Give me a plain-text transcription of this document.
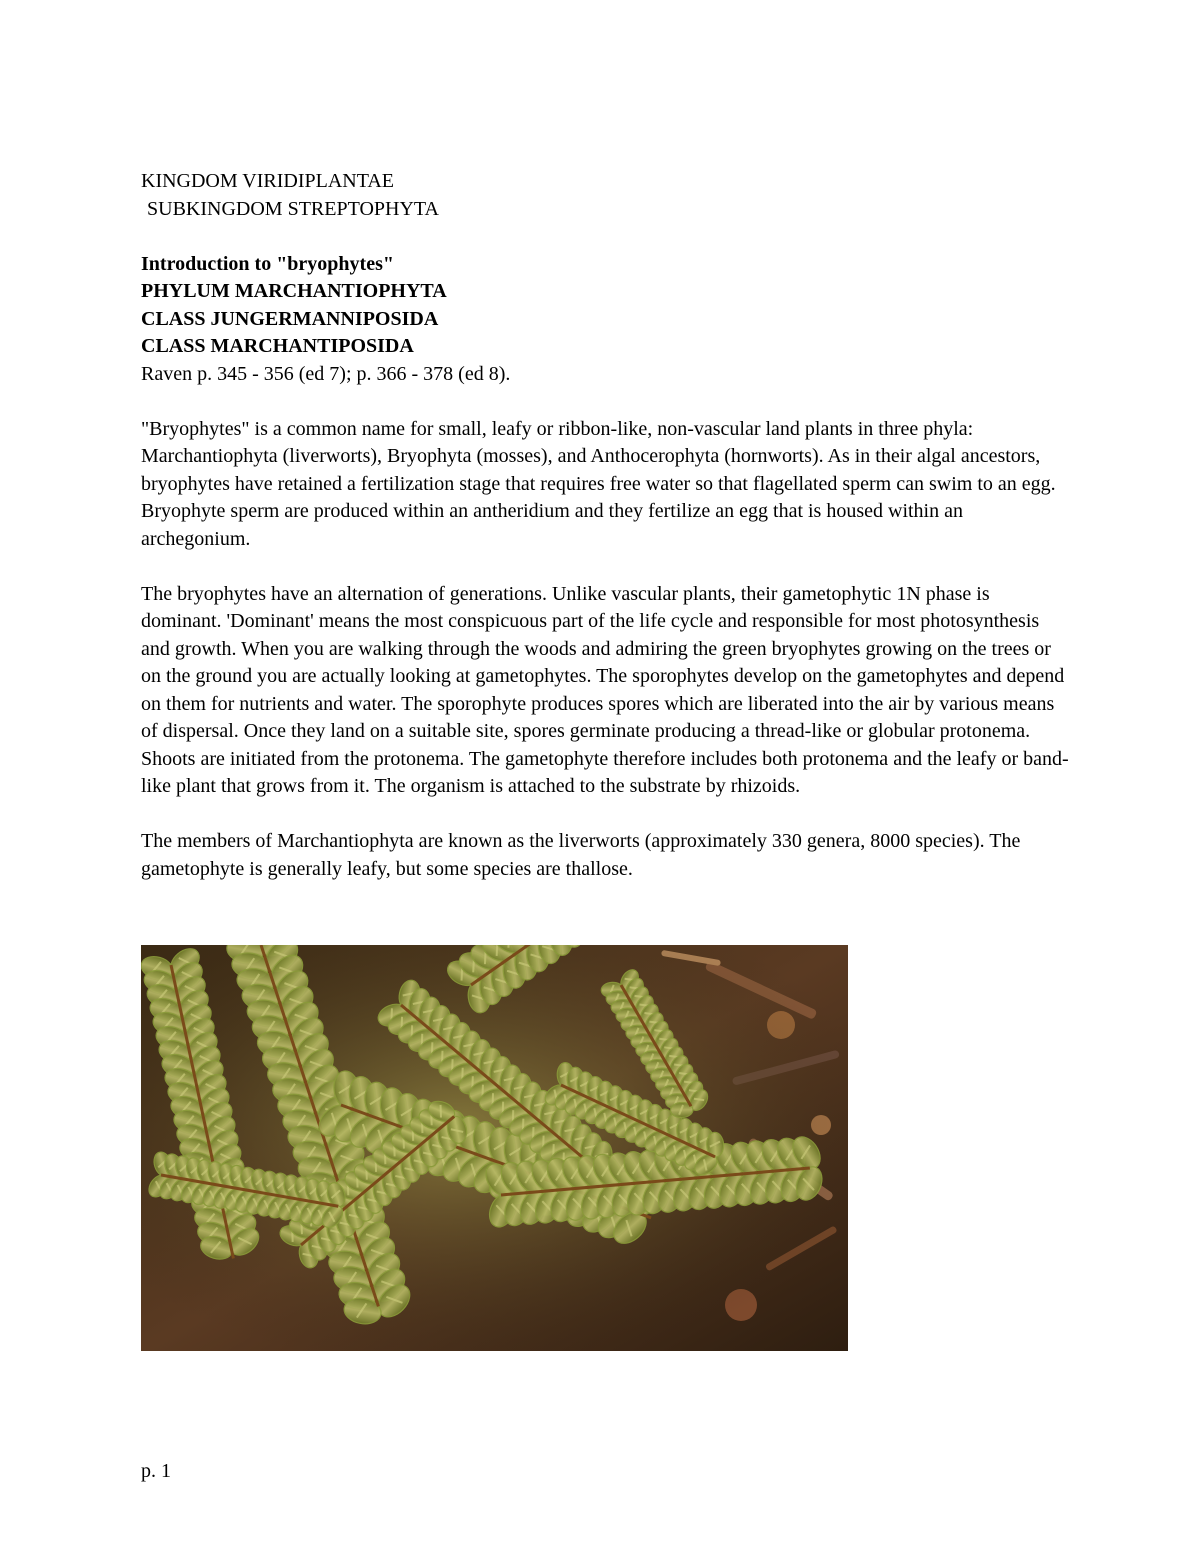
KINGDOM VIRIDIPLANTAE
SUBKINGDOM STREPTOPHYTA
Introduction to "bryophytes"
PHYLUM MARCHANTIOPHYTA
CLASS JUNGERMANNIPOSIDA
CLASS MARCHANTIPOSIDA
Raven p. 345 - 356 (ed 7); p. 366 - 378 (ed 8).

"Bryophytes" is a common name for small, leafy or ribbon-like, non-vascular land plants in three phyla: Marchantiophyta (liverworts), Bryophyta (mosses), and Anthocerophyta (hornworts). As in their algal ancestors, bryophytes have retained a fertilization stage that requires free water so that flagellated sperm can swim to an egg. Bryophyte sperm are produced within an antheridium and they fertilize an egg that is housed within an archegonium.

The bryophytes have an alternation of generations. Unlike vascular plants, their gametophytic 1N phase is dominant. 'Dominant' means the most conspicuous part of the life cycle and responsible for most photosynthesis and growth. When you are walking through the woods and admiring the green bryophytes growing on the trees or on the ground you are actually looking at gametophytes. The sporophytes develop on the gametophytes and depend on them for nutrients and water. The sporophyte produces spores which are liberated into the air by various means of dispersal. Once they land on a suitable site, spores germinate producing a thread-like or globular protonema. Shoots are initiated from the protonema. The gametophyte therefore includes both protonema and the leafy or band-like plant that grows from it. The organism is attached to the substrate by rhizoids.

The members of Marchantiophyta are known as the liverworts (approximately 330 genera, 8000 species). The gametophyte is generally leafy, but some species are thallose.

p. 1
